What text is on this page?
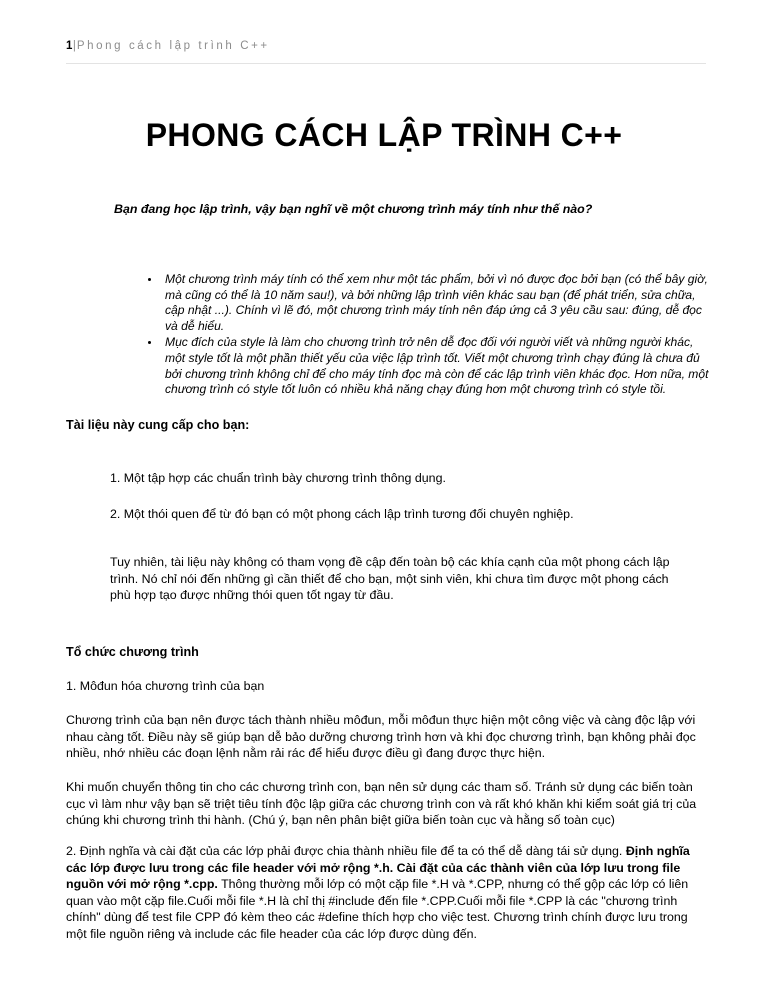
1|Phong cách lập trình C++
PHONG CÁCH LẬP TRÌNH C++
Bạn đang học lập trình, vậy bạn nghĩ về một chương trình máy tính như thế nào?
Một chương trình máy tính có thể xem như một tác phẩm, bởi vì nó được đọc bởi bạn (có thể bây giờ, mà cũng có thể là 10 năm sau!), và bởi những lập trình viên khác sau bạn (để phát triển, sửa chữa, cập nhật ...). Chính vì lẽ đó, một chương trình máy tính nên đáp ứng cả 3 yêu cầu sau: đúng, dễ đọc và dễ hiểu.
Mục đích của style là làm cho chương trình trở nên dễ đọc đối với người viết và những người khác, một style tốt là một phần thiết yếu của việc lập trình tốt. Viết một chương trình chạy đúng là chưa đủ bởi chương trình không chỉ để cho máy tính đọc mà còn để các lập trình viên khác đọc. Hơn nữa, một chương trình có style tốt luôn có nhiều khả năng chạy đúng hơn một chương trình có style tồi.
Tài liệu này cung cấp cho bạn:
1. Một tập hợp các chuẩn trình bày chương trình thông dụng.
2. Một thói quen để từ đó bạn có một phong cách lập trình tương đối chuyên nghiệp.
Tuy nhiên, tài liệu này không có tham vọng đề cập đến toàn bộ các khía cạnh của một phong cách lập trình. Nó chỉ nói đến những gì cần thiết để cho bạn, một sinh viên, khi chưa tìm được một phong cách phù hợp tạo được những thói quen tốt ngay từ đầu.
Tổ chức chương trình
1. Môđun hóa chương trình của bạn
Chương trình của bạn nên được tách thành nhiều môđun, mỗi môđun thực hiện một công việc và càng độc lập với nhau càng tốt. Điều này sẽ giúp bạn dễ bảo dưỡng chương trình hơn và khi đọc chương trình, bạn không phải đọc nhiều, nhớ nhiều các đoạn lệnh nằm rải rác để hiểu được điều gì đang được thực hiện.
Khi muốn chuyển thông tin cho các chương trình con, bạn nên sử dụng các tham số. Tránh sử dụng các biến toàn cục vì làm như vậy bạn sẽ triệt tiêu tính độc lập giữa các chương trình con và rất khó khăn khi kiểm soát giá trị của chúng khi chương trình thi hành. (Chú ý, bạn nên phân biệt giữa biến toàn cục và hằng số toàn cục)
2. Định nghĩa và cài đặt của các lớp phải được chia thành nhiều file để ta có thể dễ dàng tái sử dụng. Định nghĩa các lớp được lưu trong các file header với mở rộng *.h. Cài đặt của các thành viên của lớp lưu trong file nguồn với mở rộng *.cpp. Thông thường mỗi lớp có một cặp file *.H và *.CPP, nhưng có thể gộp các lớp có liên quan vào một cặp file.Cuối mỗi file *.H là chỉ thị #include đến file *.CPP.Cuối mỗi file *.CPP là các "chương trình chính" dùng để test file CPP đó kèm theo các #define thích hợp cho việc test. Chương trình chính được lưu trong một file nguồn riêng và include các file header của các lớp được dùng đến.
